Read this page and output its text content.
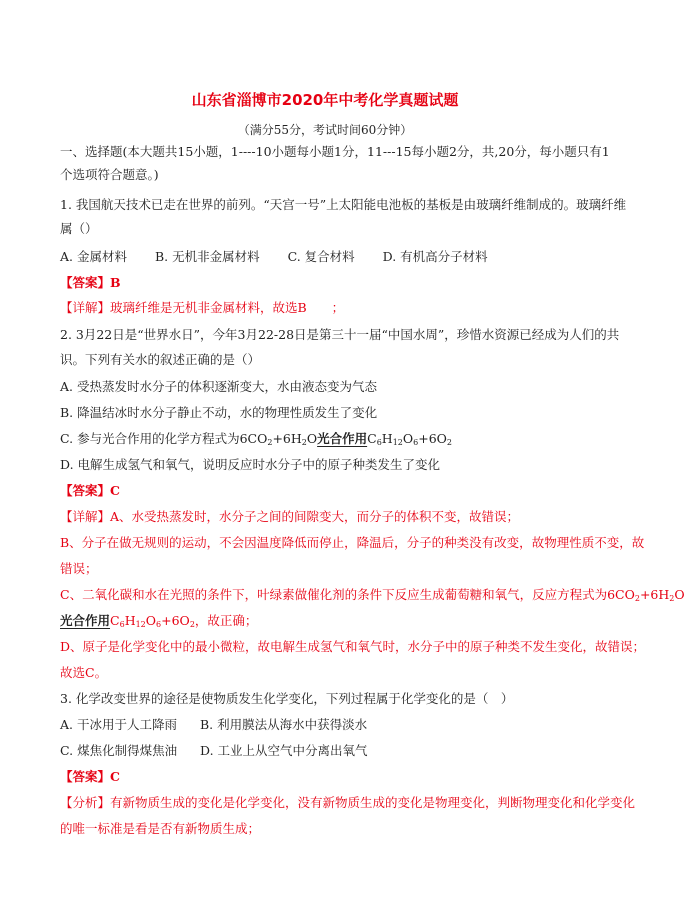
山东省淄博市2020年中考化学真题试题
（满分55分，考试时间60分钟）
一、选择题(本大题共15小题，1----10小题每小题1分，11---15每小题2分，共,20分，每小题只有1
个选项符合题意。)
1. 我国航天技术已走在世界的前列。“天宫一号”上太阳能电池板的基板是由玻璃纤维制成的。玻璃纤维
属（）
A. 金属材料 B. 无机非金属材料 C. 复合材料 D. 有机高分子材料
【答案】B
【详解】玻璃纤维是无机非金属材料，故选B　　；
2. 3月22日是“世界水日”，今年3月22-28日是第三十一届“中国水周”，珍惜水资源已经成为人们的共
识。下列有关水的叙述正确的是（）
A. 受热蒸发时水分子的体积逐渐变大，水由液态变为气态
B. 降温结冰时水分子静止不动，水的物理性质发生了变化
C. 参与光合作用的化学方程式为$6CO_2+6H_2O$光合作用$C_6H_{12}O_6+6O_2$
D. 电解生成氢气和氧气，说明反应时水分子中的原子种类发生了变化
【答案】C
【详解】A、水受热蒸发时，水分子之间的间隙变大，而分子的体积不变，故错误；
B、分子在做无规则的运动，不会因温度降低而停止，降温后，分子的种类没有改变，故物理性质不变，故
错误；
C、二氧化碳和水在光照的条件下，叶绿素做催化剂的条件下反应生成葡萄糖和氧气，反应方程式为$6CO_2+6H_2O$
光合作用$C_6H_{12}O_6+6O_2$，故正确；
D、原子是化学变化中的最小微粒，故电解生成氢气和氧气时，水分子中的原子种类不发生变化，故错误；
故选C。
3. 化学改变世界的途径是使物质发生化学变化，下列过程属于化学变化的是（　）
A. 干冰用于人工降雨 B. 利用膜法从海水中获得淡水
C. 煤焦化制得煤焦油 D. 工业上从空气中分离出氧气
【答案】C
【分析】有新物质生成的变化是化学变化，没有新物质生成的变化是物理变化，判断物理变化和化学变化
的唯一标准是看是否有新物质生成；
